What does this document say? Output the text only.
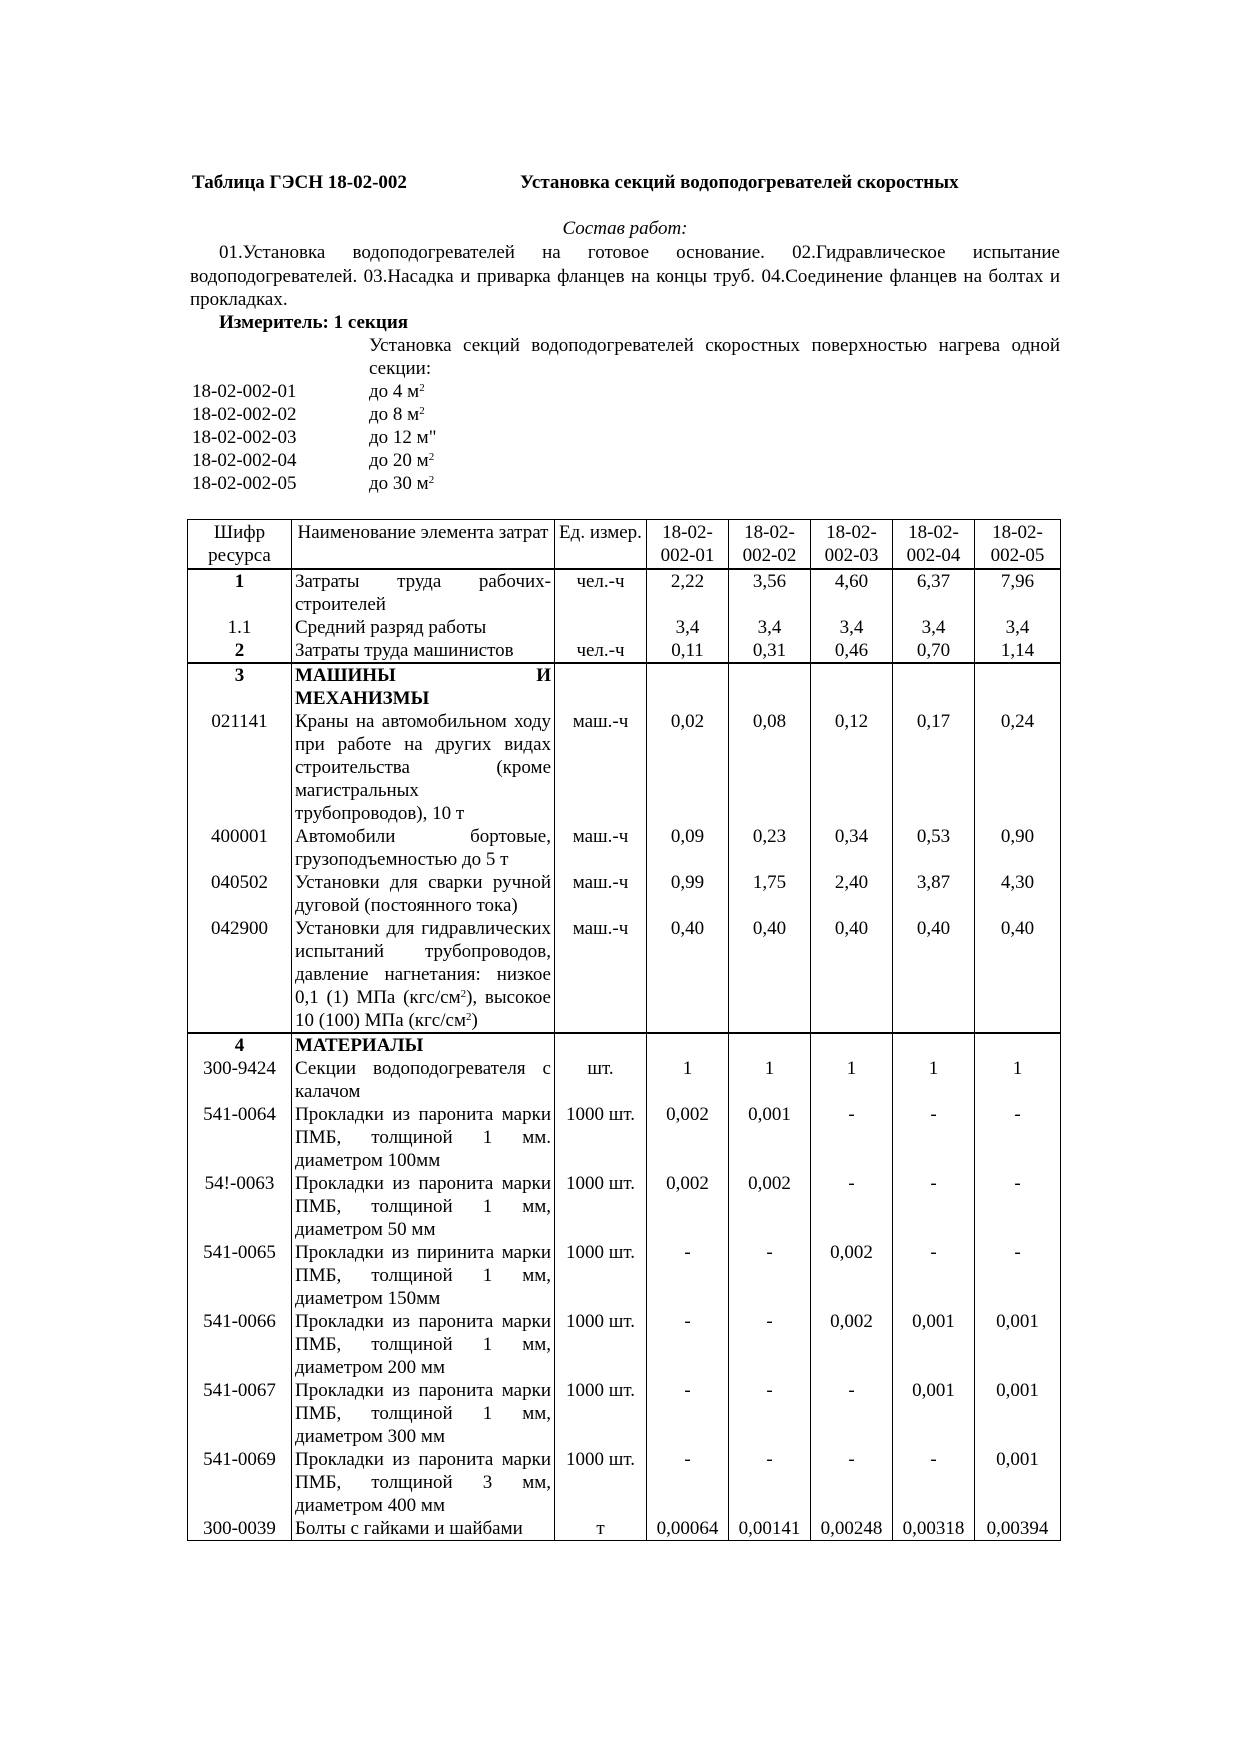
Таблица ГЭСН 18-02-002	Установка секций водоподогревателей скоростных
Состав работ:
01.Установка водоподогревателей на готовое основание. 02.Гидравлическое испытание водоподогревателей. 03.Насадка и приварка фланцев на концы труб. 04.Соединение фланцев на болтах и прокладках.
Измеритель: 1 секция
Установка секций водоподогревателей скоростных поверхностью нагрева одной секции:
18-02-002-01	до 4 $м^2$
18-02-002-02	до 8 $м^2$
18-02-002-03	до 12 м"
18-02-002-04	до 20 $м^2$
18-02-002-05	до 30 $м^2$
Шифр ресурса	Наименование элемента затрат	Ед. измер.	18-02-002-01	18-02-002-02	18-02-002-03	18-02-002-04	18-02-002-05
1	Затраты труда рабочих-строителей	чел.-ч	2,22	3,56	4,60	6,37	7,96
1.1	Средний разряд работы		3,4	3,4	3,4	3,4	3,4
2	Затраты труда машинистов	чел.-ч	0,11	0,31	0,46	0,70	1,14
3	МАШИНЫ И МЕХАНИЗМЫ						
021141	Краны на автомобильном ходу при работе на других видах строительства (кроме магистральных трубопроводов), 10 т	маш.-ч	0,02	0,08	0,12	0,17	0,24
400001	Автомобили бортовые, грузоподъемностью до 5 т	маш.-ч	0,09	0,23	0,34	0,53	0,90
040502	Установки для сварки ручной дуговой (постоянного тока)	маш.-ч	0,99	1,75	2,40	3,87	4,30
042900	Установки для гидравлических испытаний трубопроводов, давление нагнетания: низкое 0,1 (1) МПа $(кгс/см^2)$, высокое 10 (100) МПа $(кгс/см^2)$	маш.-ч	0,40	0,40	0,40	0,40	0,40
4	МАТЕРИАЛЫ						
300-9424	Секции водоподогревателя с калачом	шт.	1	1	1	1	1
541-0064	Прокладки из паронита марки ПМБ, толщиной 1 мм. диаметром 100мм	1000 шт.	0,002	0,001	-	-	-
54!-0063	Прокладки из паронита марки ПМБ, толщиной 1 мм, диаметром 50 мм	1000 шт.	0,002	0,002	-	-	-
541-0065	Прокладки из пиринита марки ПМБ, толщиной 1 мм, диаметром 150мм	1000 шт.	-	-	0,002	-	-
541-0066	Прокладки из паронита марки ПМБ, толщиной 1 мм, диаметром 200 мм	1000 шт.	-	-	0,002	0,001	0,001
541-0067	Прокладки из паронита марки ПМБ, толщиной 1 мм, диаметром 300 мм	1000 шт.	-	-	-	0,001	0,001
541-0069	Прокладки из паронита марки ПМБ, толщиной 3 мм, диаметром 400 мм	1000 шт.	-	-	-	-	0,001
300-0039	Болты с гайками и шайбами	т	0,00064	0,00141	0,00248	0,00318	0,00394
